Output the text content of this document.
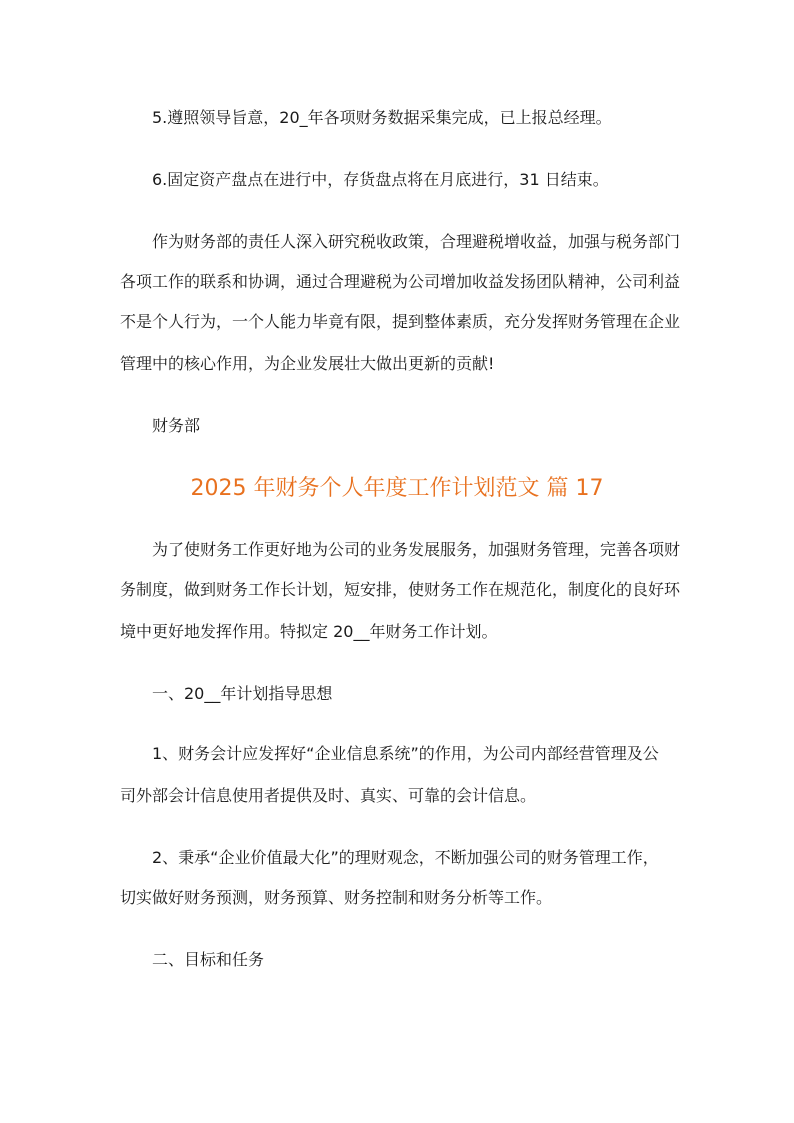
5.遵照领导旨意，20_年各项财务数据采集完成，已上报总经理。
6.固定资产盘点在进行中，存货盘点将在月底进行，31 日结束。
作为财务部的责任人深入研究税收政策，合理避税增收益，加强与税务部门
各项工作的联系和协调，通过合理避税为公司增加收益发扬团队精神，公司利益
不是个人行为，一个人能力毕竟有限，提到整体素质，充分发挥财务管理在企业
管理中的核心作用，为企业发展壮大做出更新的贡献!
财务部
2025 年财务个人年度工作计划范文 篇 17
为了使财务工作更好地为公司的业务发展服务，加强财务管理，完善各项财
务制度，做到财务工作长计划，短安排，使财务工作在规范化，制度化的良好环
境中更好地发挥作用。特拟定 20__年财务工作计划。
一、20__年计划指导思想
1、财务会计应发挥好“企业信息系统”的作用，为公司内部经营管理及公
司外部会计信息使用者提供及时、真实、可靠的会计信息。
2、秉承“企业价值最大化”的理财观念，不断加强公司的财务管理工作，
切实做好财务预测，财务预算、财务控制和财务分析等工作。
二、目标和任务
